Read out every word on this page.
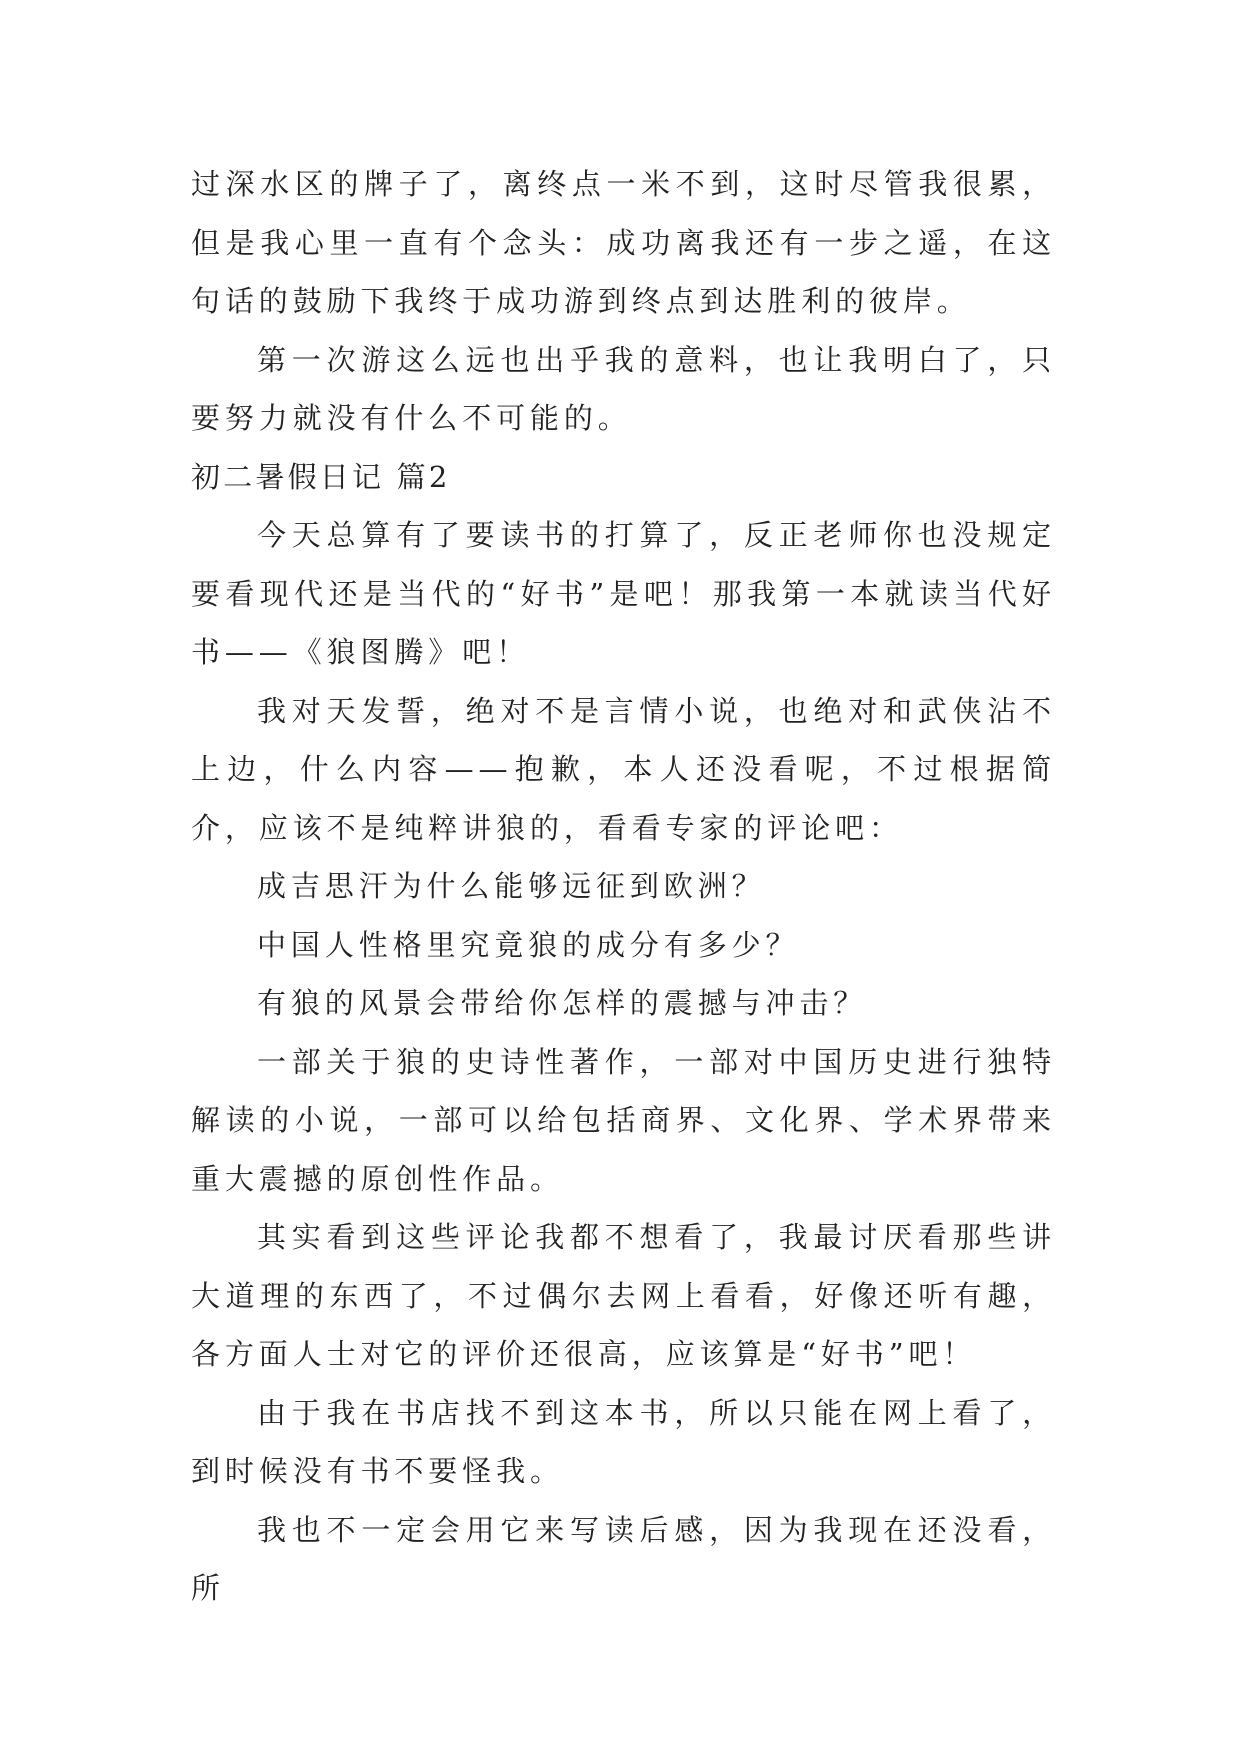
过深水区的牌子了，离终点一米不到，这时尽管我很累，但是我心里一直有个念头：成功离我还有一步之遥，在这句话的鼓励下我终于成功游到终点到达胜利的彼岸。

第一次游这么远也出乎我的意料，也让我明白了，只要努力就没有什么不可能的。

初二暑假日记 篇2

今天总算有了要读书的打算了，反正老师你也没规定要看现代还是当代的“好书”是吧！那我第一本就读当代好书——《狼图腾》吧！

我对天发誓，绝对不是言情小说，也绝对和武侠沾不上边，什么内容——抱歉，本人还没看呢，不过根据简介，应该不是纯粹讲狼的，看看专家的评论吧：

成吉思汗为什么能够远征到欧洲？

中国人性格里究竟狼的成分有多少？

有狼的风景会带给你怎样的震撼与冲击？

一部关于狼的史诗性著作，一部对中国历史进行独特解读的小说，一部可以给包括商界、文化界、学术界带来重大震撼的原创性作品。

其实看到这些评论我都不想看了，我最讨厌看那些讲大道理的东西了，不过偶尔去网上看看，好像还听有趣，各方面人士对它的评价还很高，应该算是“好书”吧！

由于我在书店找不到这本书，所以只能在网上看了，到时候没有书不要怪我。

我也不一定会用它来写读后感，因为我现在还没看，所
